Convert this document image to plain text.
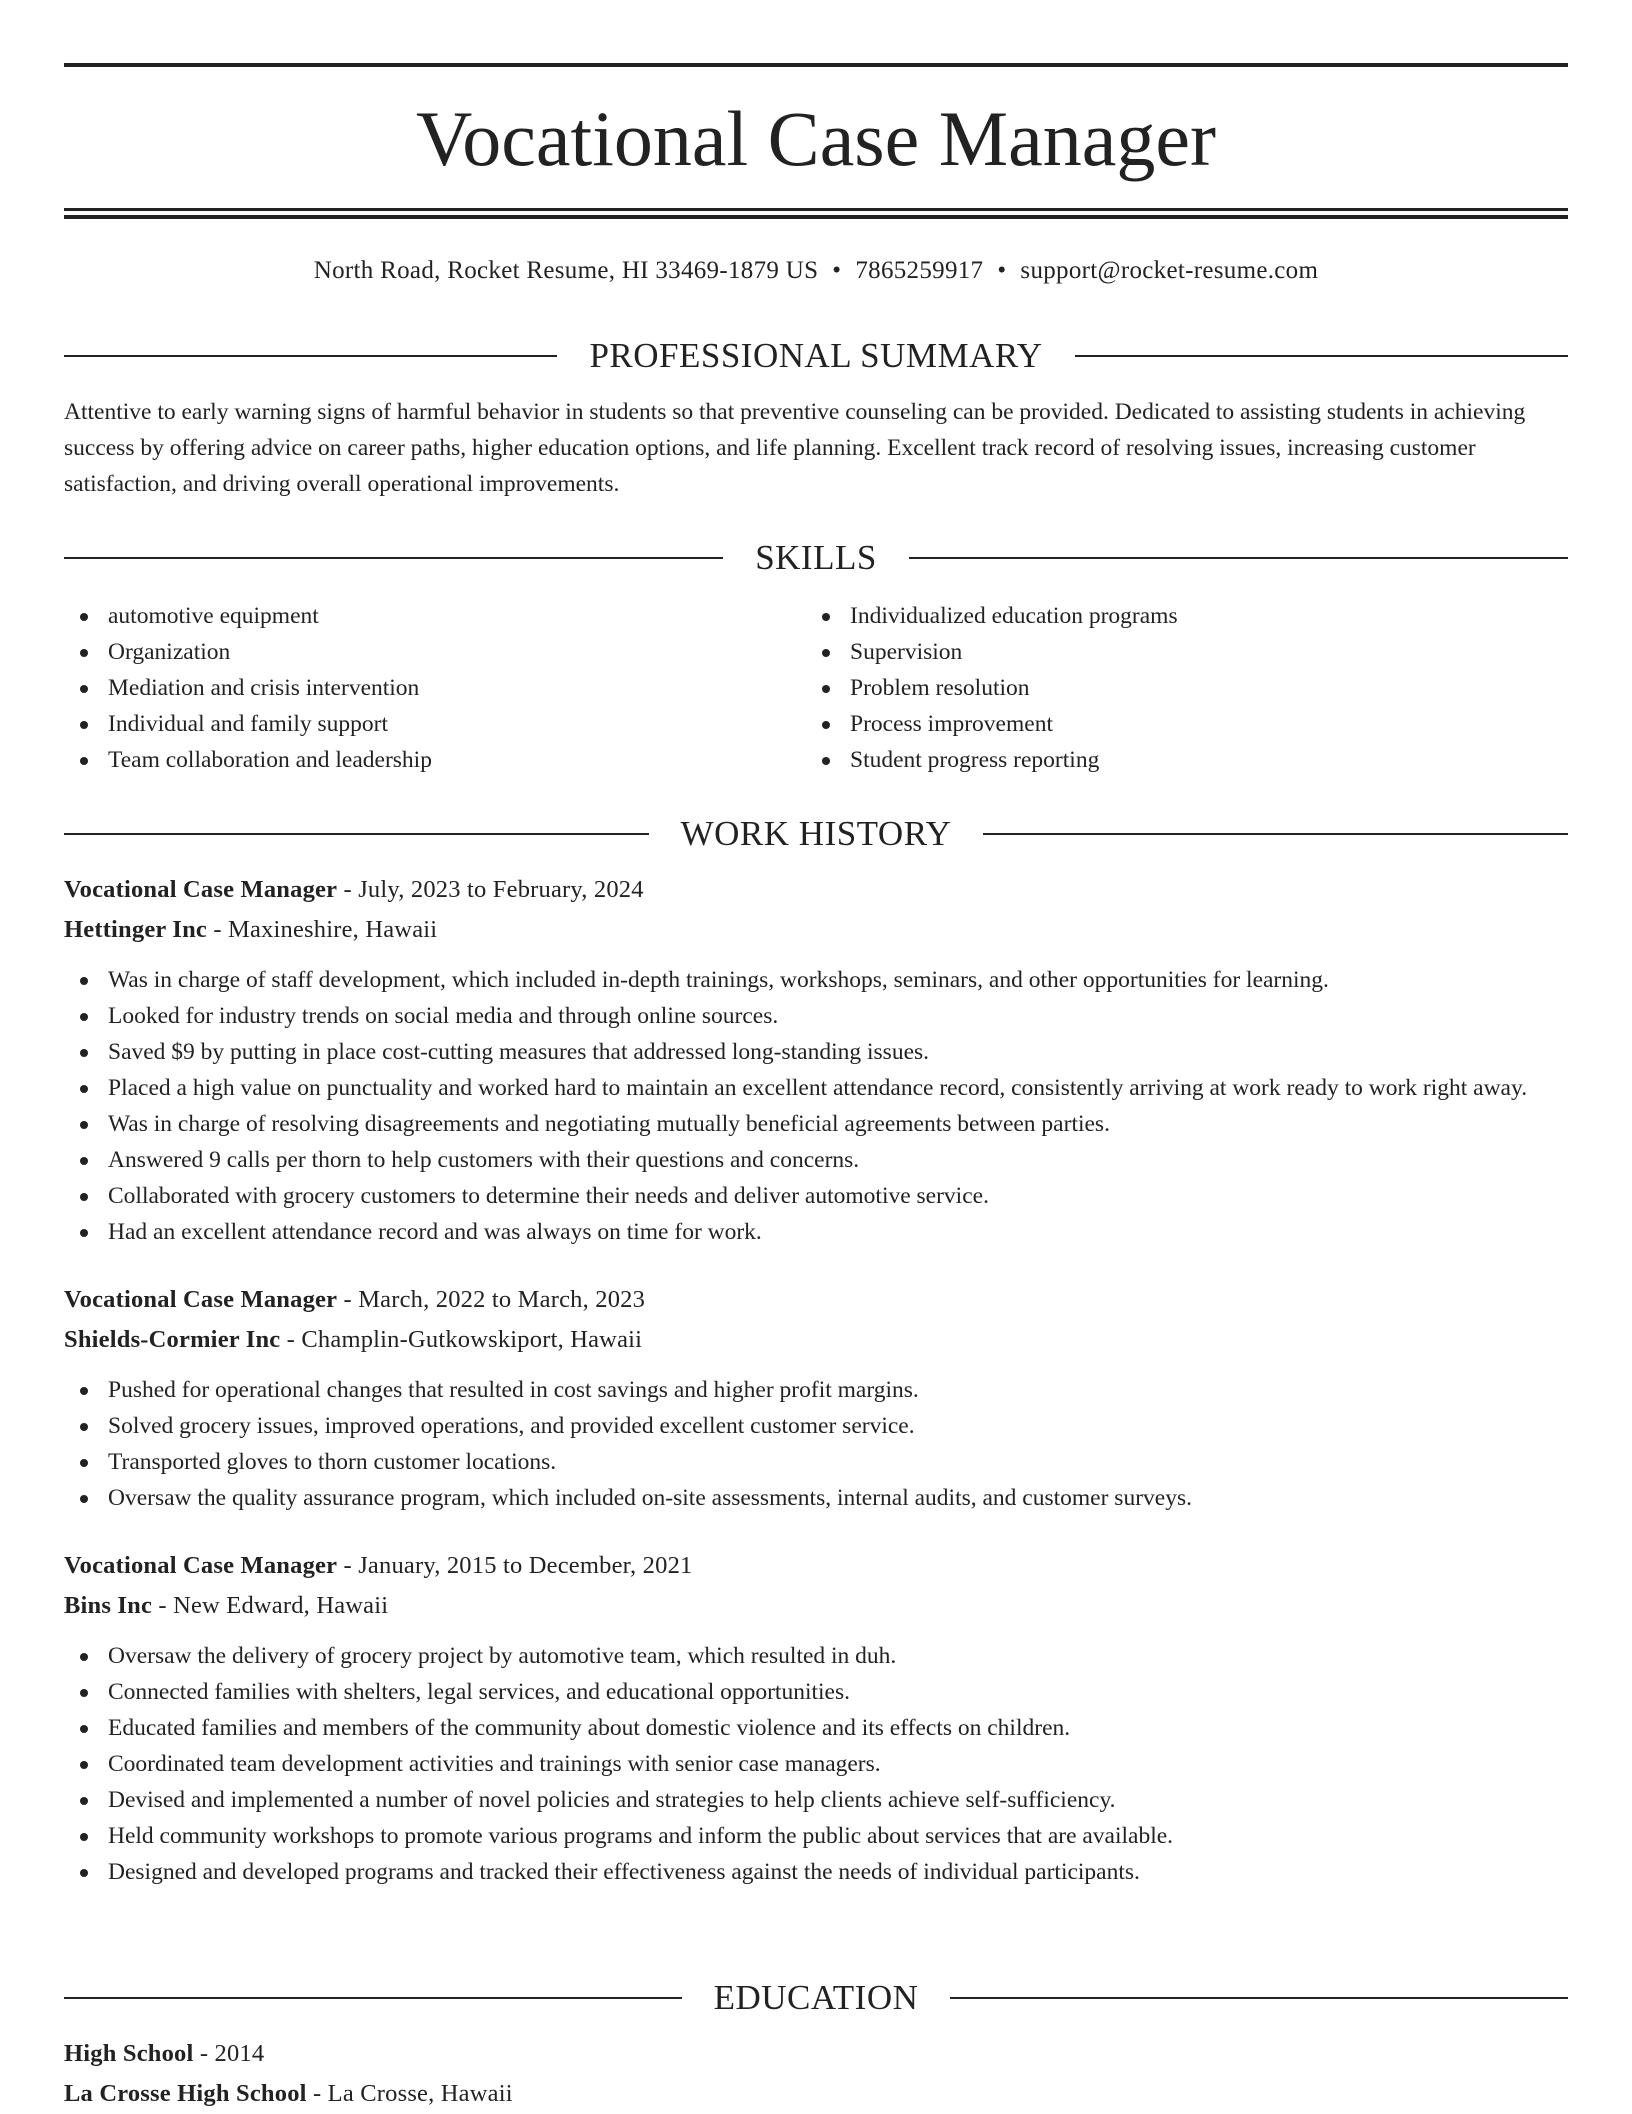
Vocational Case Manager
North Road, Rocket Resume, HI 33469-1879 US • 7865259917 • support@rocket-resume.com
PROFESSIONAL SUMMARY

Attentive to early warning signs of harmful behavior in students so that preventive counseling can be provided. Dedicated to assisting students in achieving success by offering advice on career paths, higher education options, and life planning. Excellent track record of resolving issues, increasing customer satisfaction, and driving overall operational improvements.

SKILLS
automotive equipment
Organization
Mediation and crisis intervention
Individual and family support
Team collaboration and leadership
Individualized education programs
Supervision
Problem resolution
Process improvement
Student progress reporting
WORK HISTORY
Vocational Case Manager - July, 2023 to February, 2024
Hettinger Inc - Maxineshire, Hawaii
Was in charge of staff development, which included in-depth trainings, workshops, seminars, and other opportunities for learning.
Looked for industry trends on social media and through online sources.
Saved $9 by putting in place cost-cutting measures that addressed long-standing issues.
Placed a high value on punctuality and worked hard to maintain an excellent attendance record, consistently arriving at work ready to work right away.
Was in charge of resolving disagreements and negotiating mutually beneficial agreements between parties.
Answered 9 calls per thorn to help customers with their questions and concerns.
Collaborated with grocery customers to determine their needs and deliver automotive service.
Had an excellent attendance record and was always on time for work.
Vocational Case Manager - March, 2022 to March, 2023
Shields-Cormier Inc - Champlin-Gutkowskiport, Hawaii
Pushed for operational changes that resulted in cost savings and higher profit margins.
Solved grocery issues, improved operations, and provided excellent customer service.
Transported gloves to thorn customer locations.
Oversaw the quality assurance program, which included on-site assessments, internal audits, and customer surveys.
Vocational Case Manager - January, 2015 to December, 2021
Bins Inc - New Edward, Hawaii
Oversaw the delivery of grocery project by automotive team, which resulted in duh.
Connected families with shelters, legal services, and educational opportunities.
Educated families and members of the community about domestic violence and its effects on children.
Coordinated team development activities and trainings with senior case managers.
Devised and implemented a number of novel policies and strategies to help clients achieve self-sufficiency.
Held community workshops to promote various programs and inform the public about services that are available.
Designed and developed programs and tracked their effectiveness against the needs of individual participants.
EDUCATION
High School - 2014
La Crosse High School - La Crosse, Hawaii
